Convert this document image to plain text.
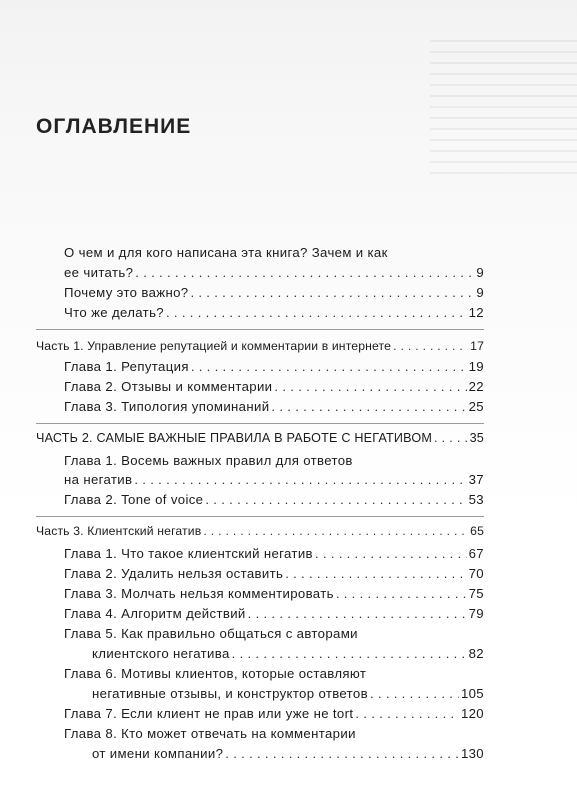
ОГЛАВЛЕНИЕ
О чем и для кого написана эта книга? Зачем и как
ее читать? . . .	9
Почему это важно? . . .	9
Что же делать? . . .	12
Часть 1. Управление репутацией и комментарии в интернете . . .	17
Глава 1. Репутация . . .	19
Глава 2. Отзывы и комментарии . . .	22
Глава 3. Типология упоминаний . . .	25
ЧАСТЬ 2. САМЫЕ ВАЖНЫЕ ПРАВИЛА В РАБОТЕ С НЕГАТИВОМ . . .	35
Глава 1. Восемь важных правил для ответов
на негатив . . .	37
Глава 2. Tone of voice . . .	53
Часть 3. Клиентский негатив . . .	65
Глава 1. Что такое клиентский негатив . . .	67
Глава 2. Удалить нельзя оставить . . .	70
Глава 3. Молчать нельзя комментировать . . .	75
Глава 4. Алгоритм действий . . .	79
Глава 5. Как правильно общаться с авторами
клиентского негатива . . .	82
Глава 6. Мотивы клиентов, которые оставляют
негативные отзывы, и конструктор ответов . . .	105
Глава 7. Если клиент не прав или уже не tort . . .	120
Глава 8. Кто может отвечать на комментарии
от имени компании? . . .	130
